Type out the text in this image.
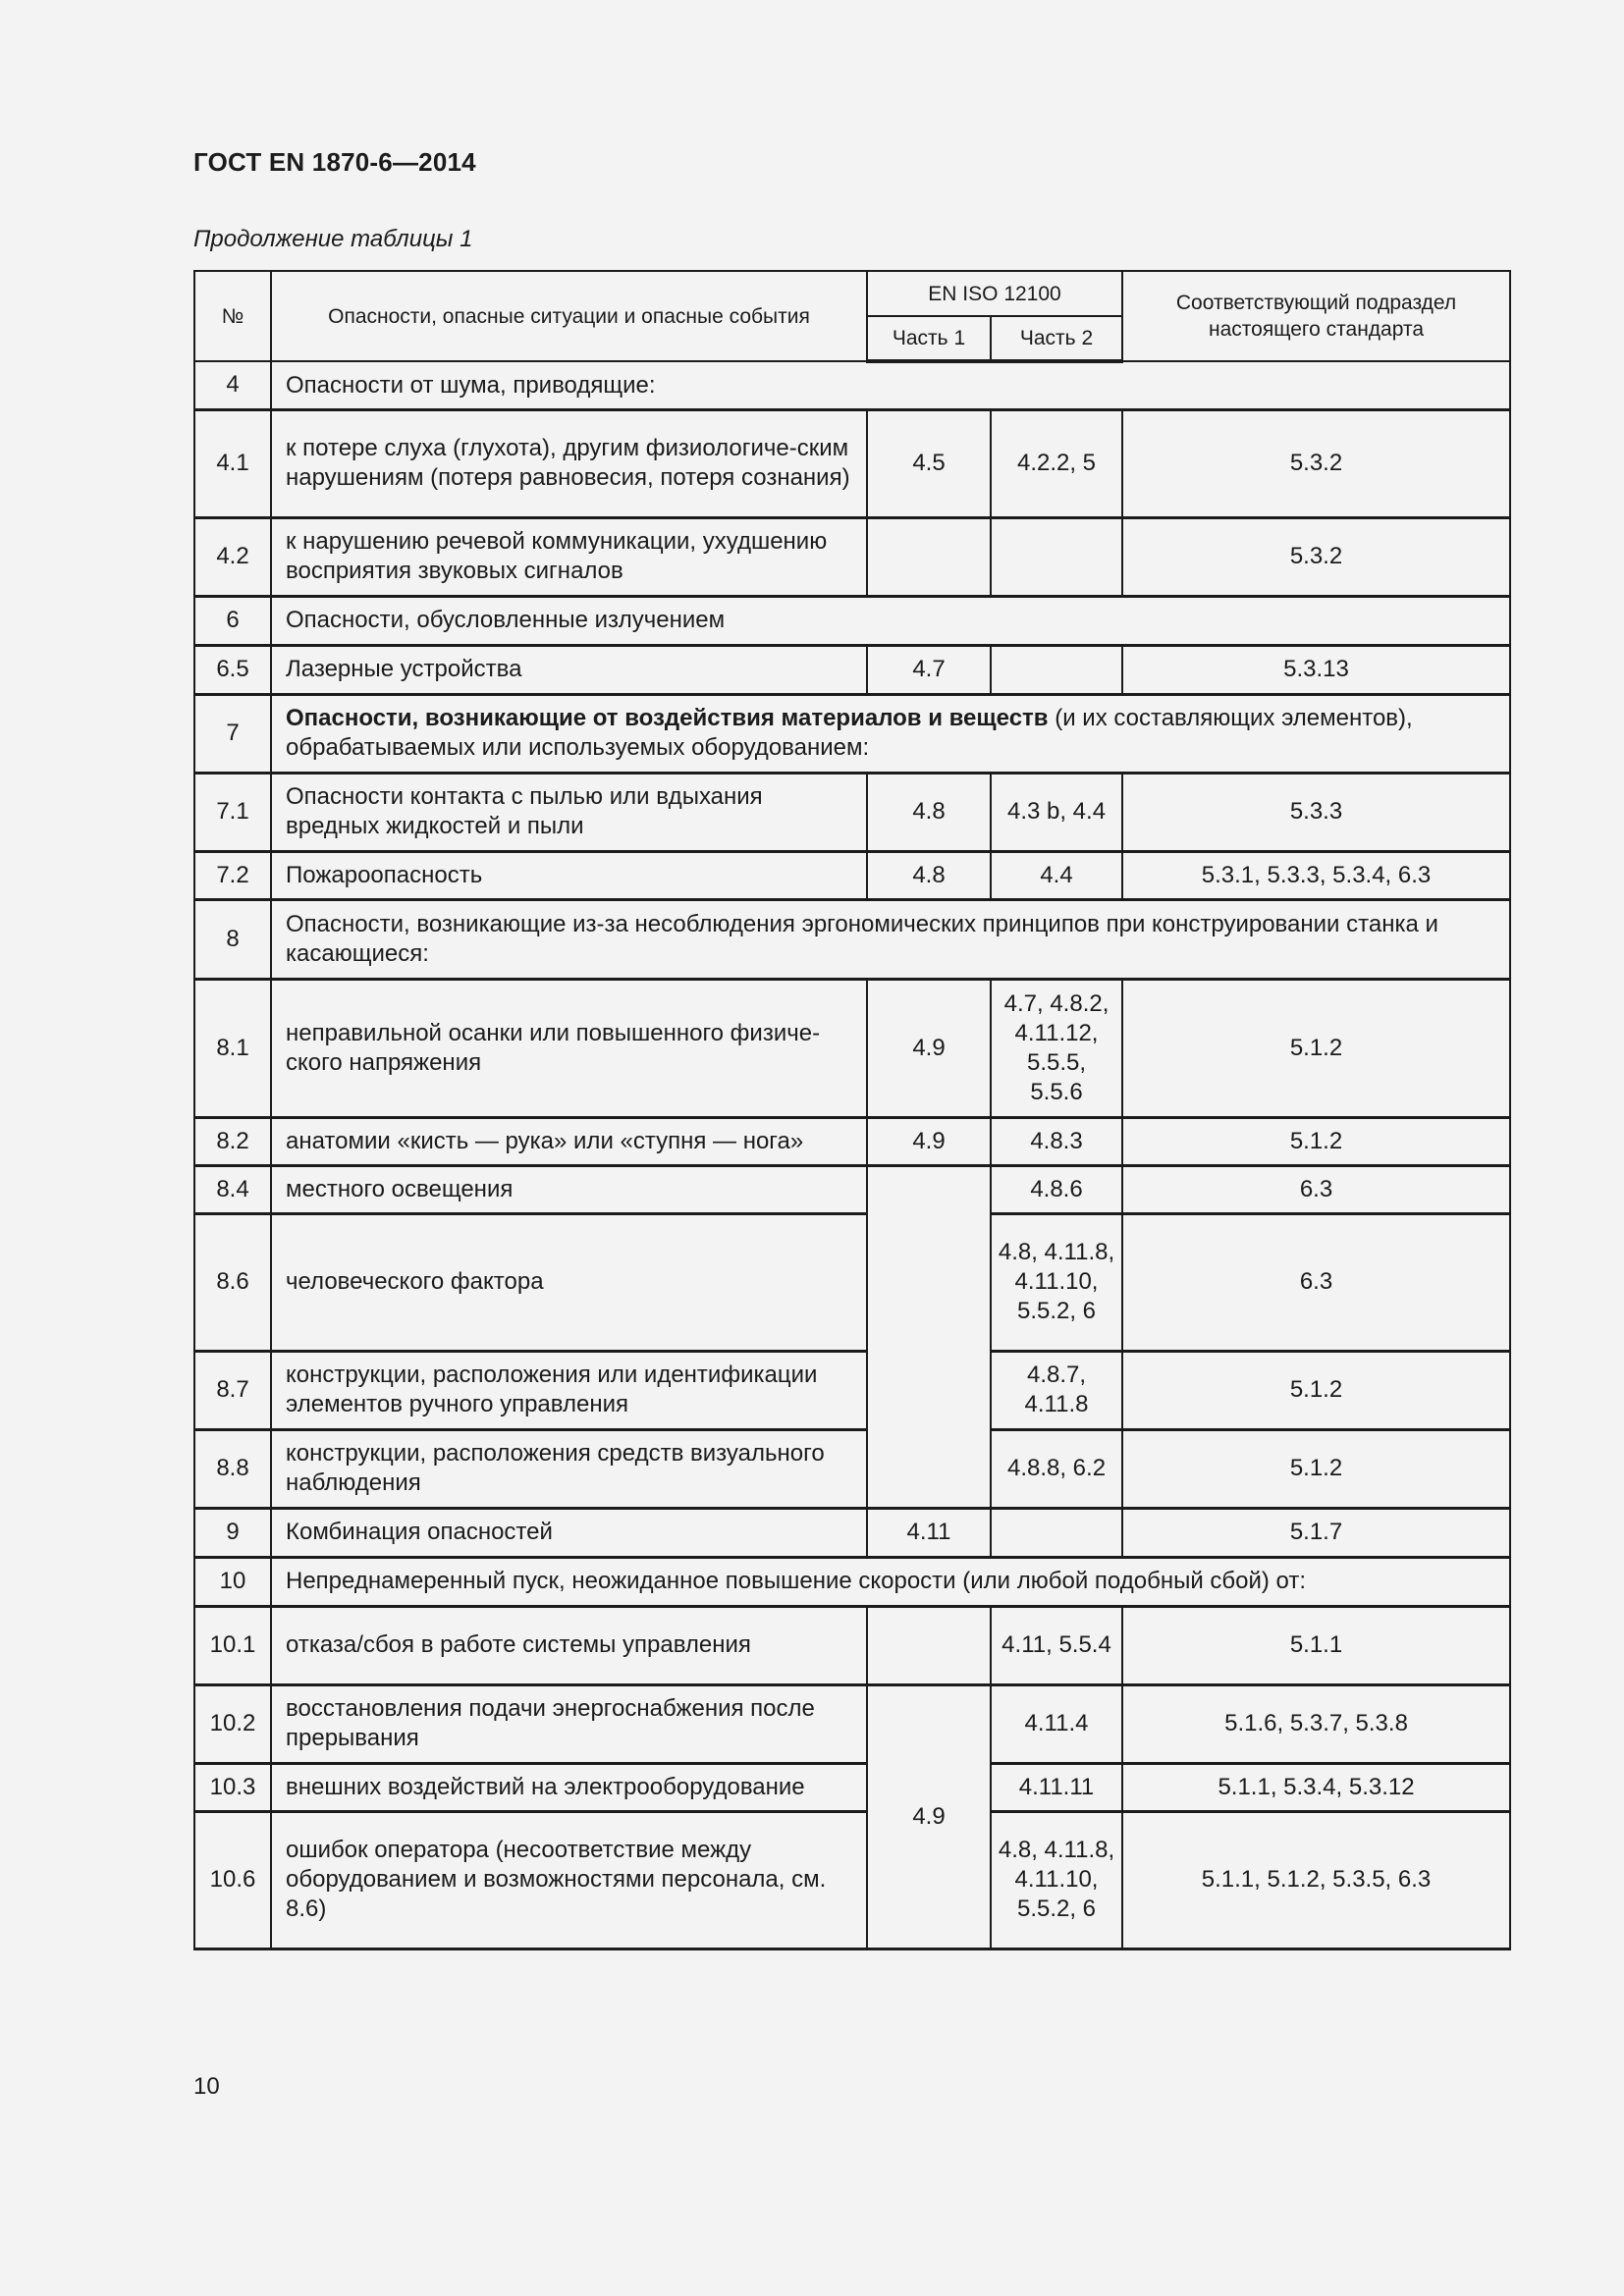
ГОСТ EN 1870-6—2014
Продолжение таблицы 1
№	Опасности, опасные ситуации и опасные события	EN ISO 12100		Соответствующий подраздел настоящего стандарта
		Часть 1	Часть 2	
4	Опасности от шума, приводящие:			
4.1	к потере слуха (глухота), другим физиологиче-ским нарушениям (потеря равновесия, потеря сознания)	4.5	4.2.2, 5	5.3.2
4.2	к нарушению речевой коммуникации, ухудшению восприятия звуковых сигналов			5.3.2
6	Опасности, обусловленные излучением			
6.5	Лазерные устройства	4.7		5.3.13
7	Опасности, возникающие от воздействия материалов и веществ (и их составляющих элементов), обрабатываемых или используемых оборудованием:			
7.1	Опасности контакта с пылью или вдыхания вредных жидкостей и пыли	4.8	4.3 b, 4.4	5.3.3
7.2	Пожароопасность	4.8	4.4	5.3.1, 5.3.3, 5.3.4, 6.3
8	Опасности, возникающие из-за несоблюдения эргономических принципов при конструировании станка и касающиеся:			
8.1	неправильной осанки или повышенного физиче-ского напряжения	4.9	4.7, 4.8.2, 4.11.12, 5.5.5, 5.5.6	5.1.2
8.2	анатомии «кисть — рука» или «ступня — нога»	4.9	4.8.3	5.1.2
8.4	местного освещения		4.8.6	6.3
8.6	человеческого фактора		4.8, 4.11.8, 4.11.10, 5.5.2, 6	6.3
8.7	конструкции, расположения или идентификации элементов ручного управления		4.8.7, 4.11.8	5.1.2
8.8	конструкции, расположения средств визуального наблюдения		4.8.8, 6.2	5.1.2
9	Комбинация опасностей	4.11		5.1.7
10	Непреднамеренный пуск, неожиданное повышение скорости (или любой подобный сбой) от:			
10.1	отказа/сбоя в работе системы управления		4.11, 5.5.4	5.1.1
10.2	восстановления подачи энергоснабжения после прерывания	4.9	4.11.4	5.1.6, 5.3.7, 5.3.8
10.3	внешних воздействий на электрооборудование		4.11.11	5.1.1, 5.3.4, 5.3.12
10.6	ошибок оператора (несоответствие между оборудованием и возможностями персонала, см. 8.6)		4.8, 4.11.8, 4.11.10, 5.5.2, 6	5.1.1, 5.1.2, 5.3.5, 6.3
10
